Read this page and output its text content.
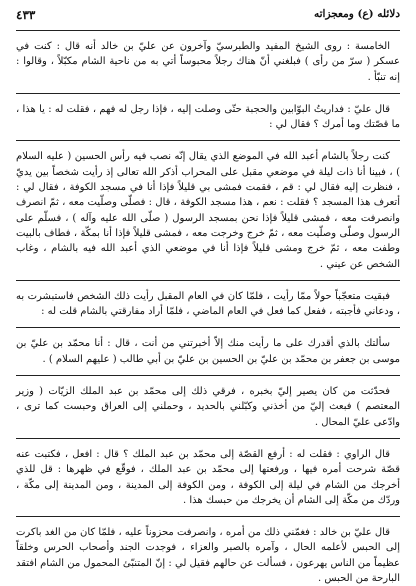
دلائله (ع) ومعجزاته
٤٣٣

الخامسة : روى الشيخ المفيد والطبرسيّ وآخرون عن عليّ بن خالد أنه قال : كنت في عسكر ( سرّ من رأى ) فبلغني أنّ هناك رجلاً محبوساً أتي به من ناحية الشام مكبّلاً ، وقالوا : إنه تنبّأ .

قال عليّ : فداريتُ البوّابين والحجبة حتّى وصلت إليه ، فإذا رجل له فهم ، فقلت له : يا هذا ، ما قصّتك وما أمرك ؟ فقال لي :

كنت رجلاً بالشام أعبد الله في الموضع الذي يقال إنّه نصب فيه رأس الحسين ( عليه السلام ) ، فبينا أنا ذات ليلة في موضعي مقبل على المحراب أذكر الله تعالى إذ رأيت شخصاً بين يديّ ، فنظرت إليه فقال لي : قم ، فقمت فمشى بي قليلاً فإذا أنا في مسجد الكوفة ، فقال لي : أتعرف هذا المسجد ؟ فقلت : نعم ، هذا مسجد الكوفة ، قال : فصلّى وصلّيت معه ، ثمّ انصرف وانصرفت معه ، فمشى قليلاً فإذا نحن بمسجد الرسول ( صلّى الله عليه وآله ) ، فسلّم على الرسول وصلّى وصلّيت معه ، ثمّ خرج وخرجت معه ، فمشى قليلاً فإذا أنا بمكّة ، فطاف بالبيت وطفت معه ، ثمّ خرج ومشى قليلاً فإذا أنا في موضعي الذي أعبد الله فيه بالشام ، وغاب الشخص عن عيني .

فبقيت متعجّباً حولاً ممّا رأيت ، فلمّا كان في العام المقبل رأيت ذلك الشخص فاستبشرت به ، ودعاني فأجبته ، ففعل كما فعل في العام الماضي ، فلمّا أراد مفارقتي بالشام قلت له :

سألتك بالذي أقدرك على ما رأيت منك إلاّ أخبرتني من أنت ، قال : أنا محمّد بن عليّ بن موسى بن جعفر بن محمّد بن عليّ بن الحسين بن عليّ بن أبي طالب ( عليهم السلام ) .

فحدّثت من كان يصير إليّ بخبره ، فرقي ذلك إلى محمّد بن عبد الملك الزيّات ( وزير المعتصم ) فبعث إليّ من أخذني وكبّلني بالحديد ، وحملني إلى العراق وحبست كما ترى ، وادّعى عليّ المحال .

قال الراوي : فقلت له : أرفع القصّة إلى محمّد بن عبد الملك ؟ قال : افعل ، فكتبت عنه قصّة شرحت أمره فيها ، ورفعتها إلى محمّد بن عبد الملك ، فوقّع في ظهرها : قل للذي أخرجك من الشام في ليلة إلى الكوفة ، ومن الكوفة إلى المدينة ، ومن المدينة إلى مكّة ، وردّك من مكّة إلى الشام أن يخرجك من حبسك هذا .

قال عليّ بن خالد : فغمّني ذلك من أمره ، وانصرفت محزوناً عليه ، فلمّا كان من الغد باكرت إلى الحبس لأعلمه الحال ، وآمره بالصبر والعزاء ، فوجدت الجند وأصحاب الحرس وخلقاً عظيماً من الناس يهرعون ، فسألت عن حالهم فقيل لي : إنّ المتنبّئ المحمول من الشام افتقد البارحة من الحبس .
